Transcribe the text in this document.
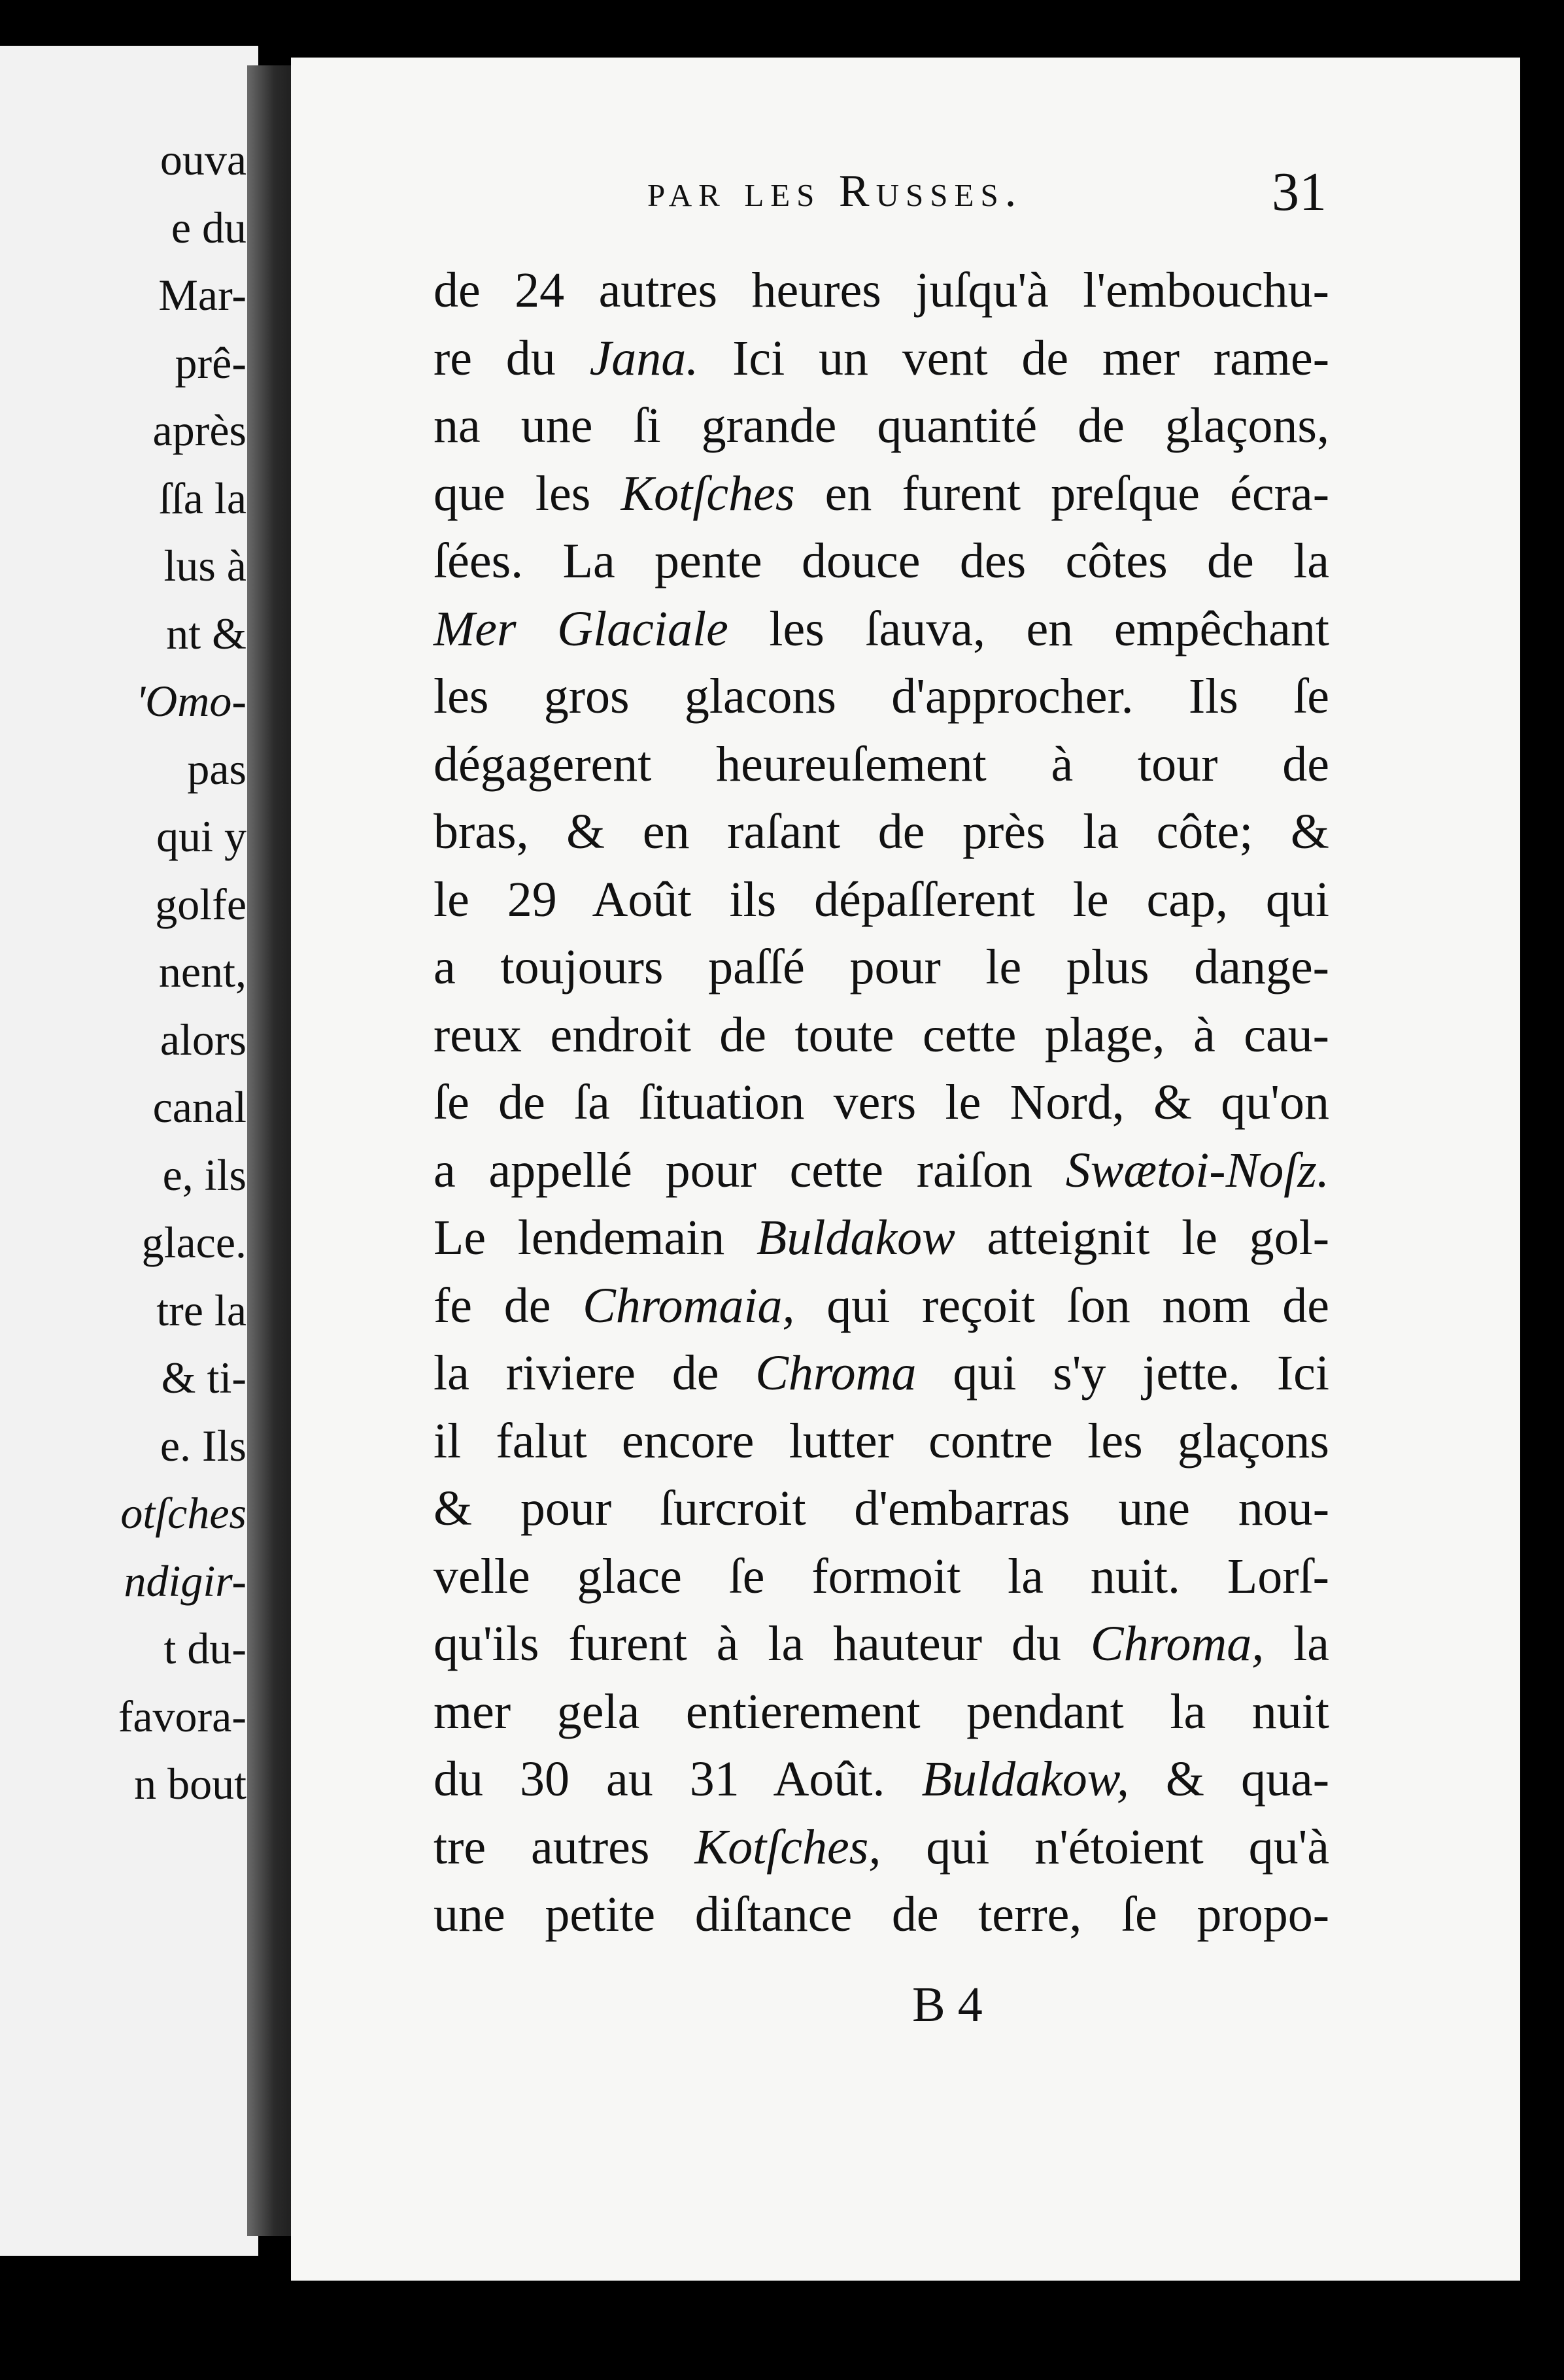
ouva
e du
Mar-
prê-
après
ſſa la
lus à
nt &
'Omo-
pas
qui y
golfe
nent,
alors
canal
e, ils
glace.
tre la
& ti-
e. Ils
otſches
ndigir-
t du-
favora-
n bout
par les Russes.	31
de 24 autres heures juſqu'à l'embouchu-
re du Jana. Ici un vent de mer rame-
na une ſi grande quantité de glaçons,
que les Kotſches en furent preſque écra-
ſées. La pente douce des côtes de la
Mer Glaciale les ſauva, en empêchant
les gros glacons d'approcher. Ils ſe
dégagerent heureuſement à tour de
bras, & en raſant de près la côte; &
le 29 Août ils dépaſſerent le cap, qui
a toujours paſſé pour le plus dange-
reux endroit de toute cette plage, à cau-
ſe de ſa ſituation vers le Nord, & qu'on
a appellé pour cette raiſon Swætoi-Noſz.
Le lendemain Buldakow atteignit le gol-
fe de Chromaia, qui reçoit ſon nom de
la riviere de Chroma qui s'y jette. Ici
il falut encore lutter contre les glaçons
& pour ſurcroit d'embarras une nou-
velle glace ſe formoit la nuit. Lorſ-
qu'ils furent à la hauteur du Chroma, la
mer gela entierement pendant la nuit
du 30 au 31 Août. Buldakow, & qua-
tre autres Kotſches, qui n'étoient qu'à
une petite diſtance de terre, ſe propo-
B 4
